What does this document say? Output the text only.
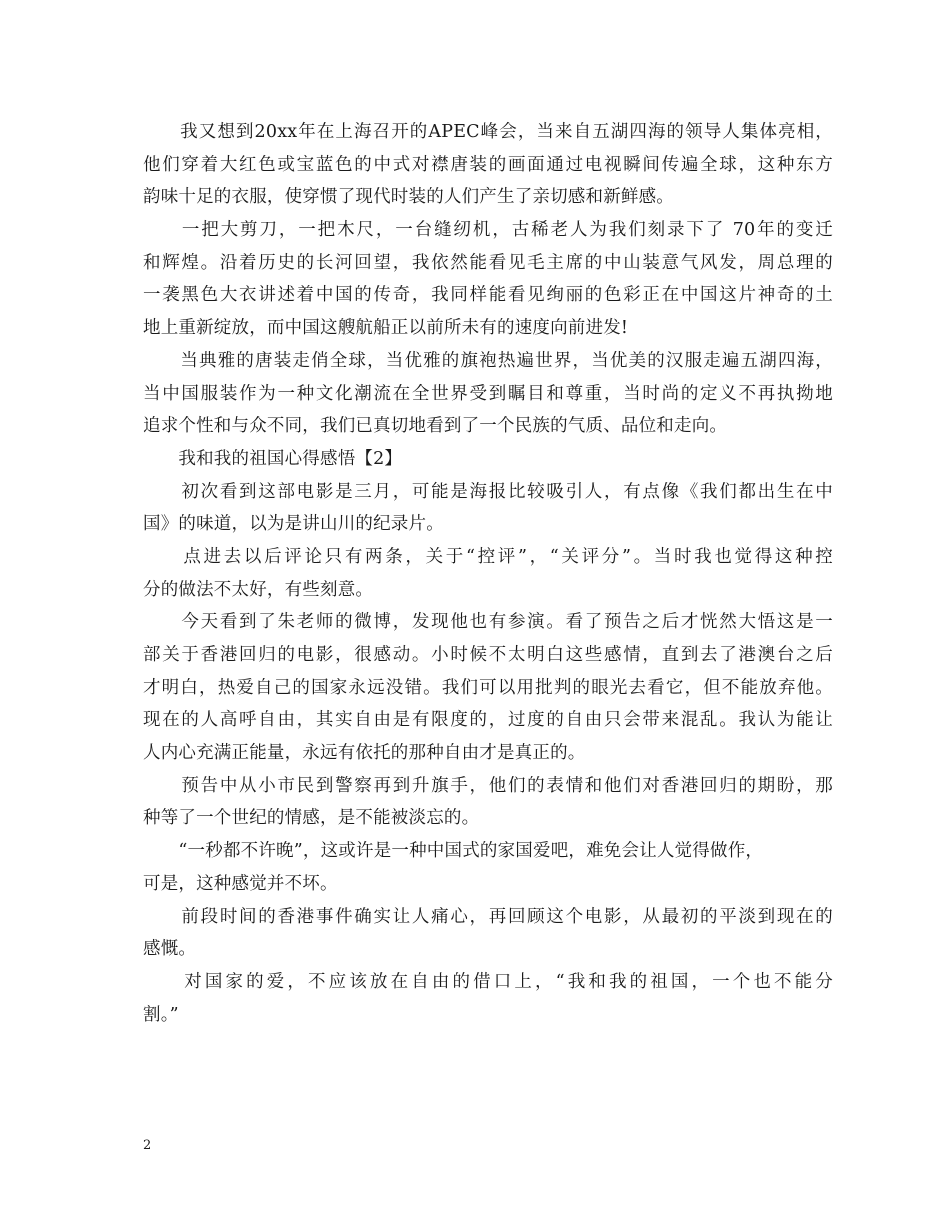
　　我又想到20xx年在上海召开的APEC峰会，当来自五湖四海的领导人集体亮相，
他们穿着大红色或宝蓝色的中式对襟唐装的画面通过电视瞬间传遍全球，这种东方
韵味十足的衣服，使穿惯了现代时装的人们产生了亲切感和新鲜感。
　　一把大剪刀，一把木尺，一台缝纫机，古稀老人为我们刻录下了 70年的变迁
和辉煌。沿着历史的长河回望，我依然能看见毛主席的中山装意气风发，周总理的
一袭黑色大衣讲述着中国的传奇，我同样能看见绚丽的色彩正在中国这片神奇的土
地上重新绽放，而中国这艘航船正以前所未有的速度向前进发!
　　当典雅的唐装走俏全球，当优雅的旗袍热遍世界，当优美的汉服走遍五湖四海，
当中国服装作为一种文化潮流在全世界受到瞩目和尊重，当时尚的定义不再执拗地
追求个性和与众不同，我们已真切地看到了一个民族的气质、品位和走向。
　　我和我的祖国心得感悟【2】
　　初次看到这部电影是三月，可能是海报比较吸引人，有点像《我们都出生在中
国》的味道，以为是讲山川的纪录片。
　　点进去以后评论只有两条，关于“控评”，“关评分”。当时我也觉得这种控
分的做法不太好，有些刻意。
　　今天看到了朱老师的微博，发现他也有参演。看了预告之后才恍然大悟这是一
部关于香港回归的电影，很感动。小时候不太明白这些感情，直到去了港澳台之后
才明白，热爱自己的国家永远没错。我们可以用批判的眼光去看它，但不能放弃他。
现在的人高呼自由，其实自由是有限度的，过度的自由只会带来混乱。我认为能让
人内心充满正能量，永远有依托的那种自由才是真正的。
　　预告中从小市民到警察再到升旗手，他们的表情和他们对香港回归的期盼，那
种等了一个世纪的情感，是不能被淡忘的。
　　“一秒都不许晚”，这或许是一种中国式的家国爱吧，难免会让人觉得做作，
可是，这种感觉并不坏。
　　前段时间的香港事件确实让人痛心，再回顾这个电影，从最初的平淡到现在的
感慨。
　　对国家的爱，不应该放在自由的借口上，“我和我的祖国，一个也不能分
割。”
2
